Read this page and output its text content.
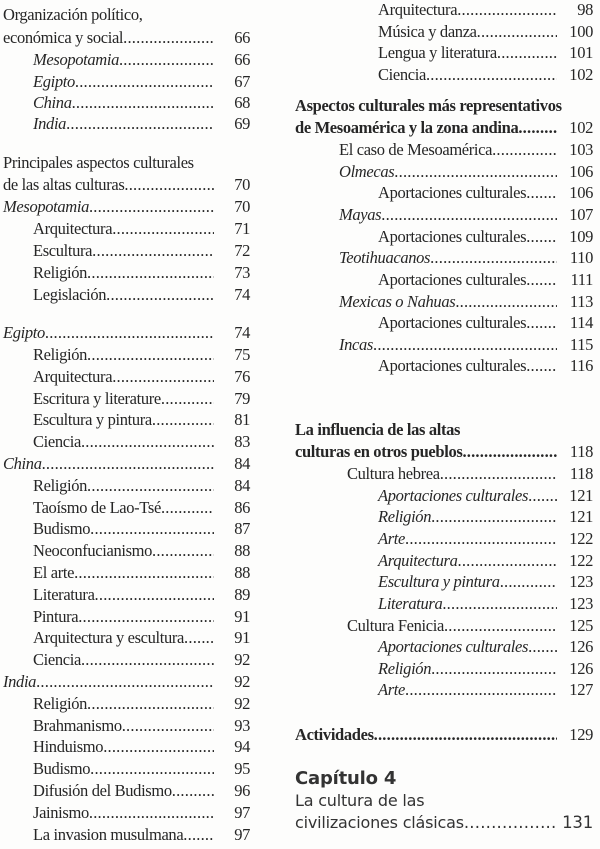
Organización político,
económica y social .....	66
Mesopotamia .....	66
Egipto .....	67
China .....	68
India .....	69
Principales aspectos culturales
de las altas culturas .....	70
Mesopotamia .....	70
Arquitectura .....	71
Escultura .....	72
Religión .....	73
Legislación .....	74
Egipto .....	74
Religión .....	75
Arquitectura .....	76
Escritura y literature .....	79
Escultura y pintura .....	81
Ciencia .....	83
China .....	84
Religión .....	84
Taoísmo de Lao-Tsé .....	86
Budismo .....	87
Neoconfucianismo .....	88
El arte .....	88
Literatura .....	89
Pintura .....	91
Arquitectura y escultura .....	91
Ciencia .....	92
India .....	92
Religión .....	92
Brahmanismo .....	93
Hinduismo .....	94
Budismo .....	95
Difusión del Budismo .....	96
Jainismo .....	97
La invasion musulmana .....	97
Arquitectura .....	98
Música y danza .....	100
Lengua y literatura .....	101
Ciencia .....	102
Aspectos culturales más representativos
de Mesoamérica y la zona andina .....	102
El caso de Mesoamérica .....	103
Olmecas .....	106
Aportaciones culturales .....	106
Mayas .....	107
Aportaciones culturales .....	109
Teotihuacanos .....	110
Aportaciones culturales .....	111
Mexicas o Nahuas .....	113
Aportaciones culturales .....	114
Incas .....	115
Aportaciones culturales .....	116
La influencia de las altas
culturas en otros pueblos .....	118
Cultura hebrea .....	118
Aportaciones culturales .....	121
Religión .....	121
Arte .....	122
Arquitectura .....	122
Escultura y pintura .....	123
Literatura .....	123
Cultura Fenicia .....	125
Aportaciones culturales .....	126
Religión .....	126
Arte .....	127
Actividades .....	129
Capítulo 4
La cultura de las
civilizaciones clásicas .....	131
